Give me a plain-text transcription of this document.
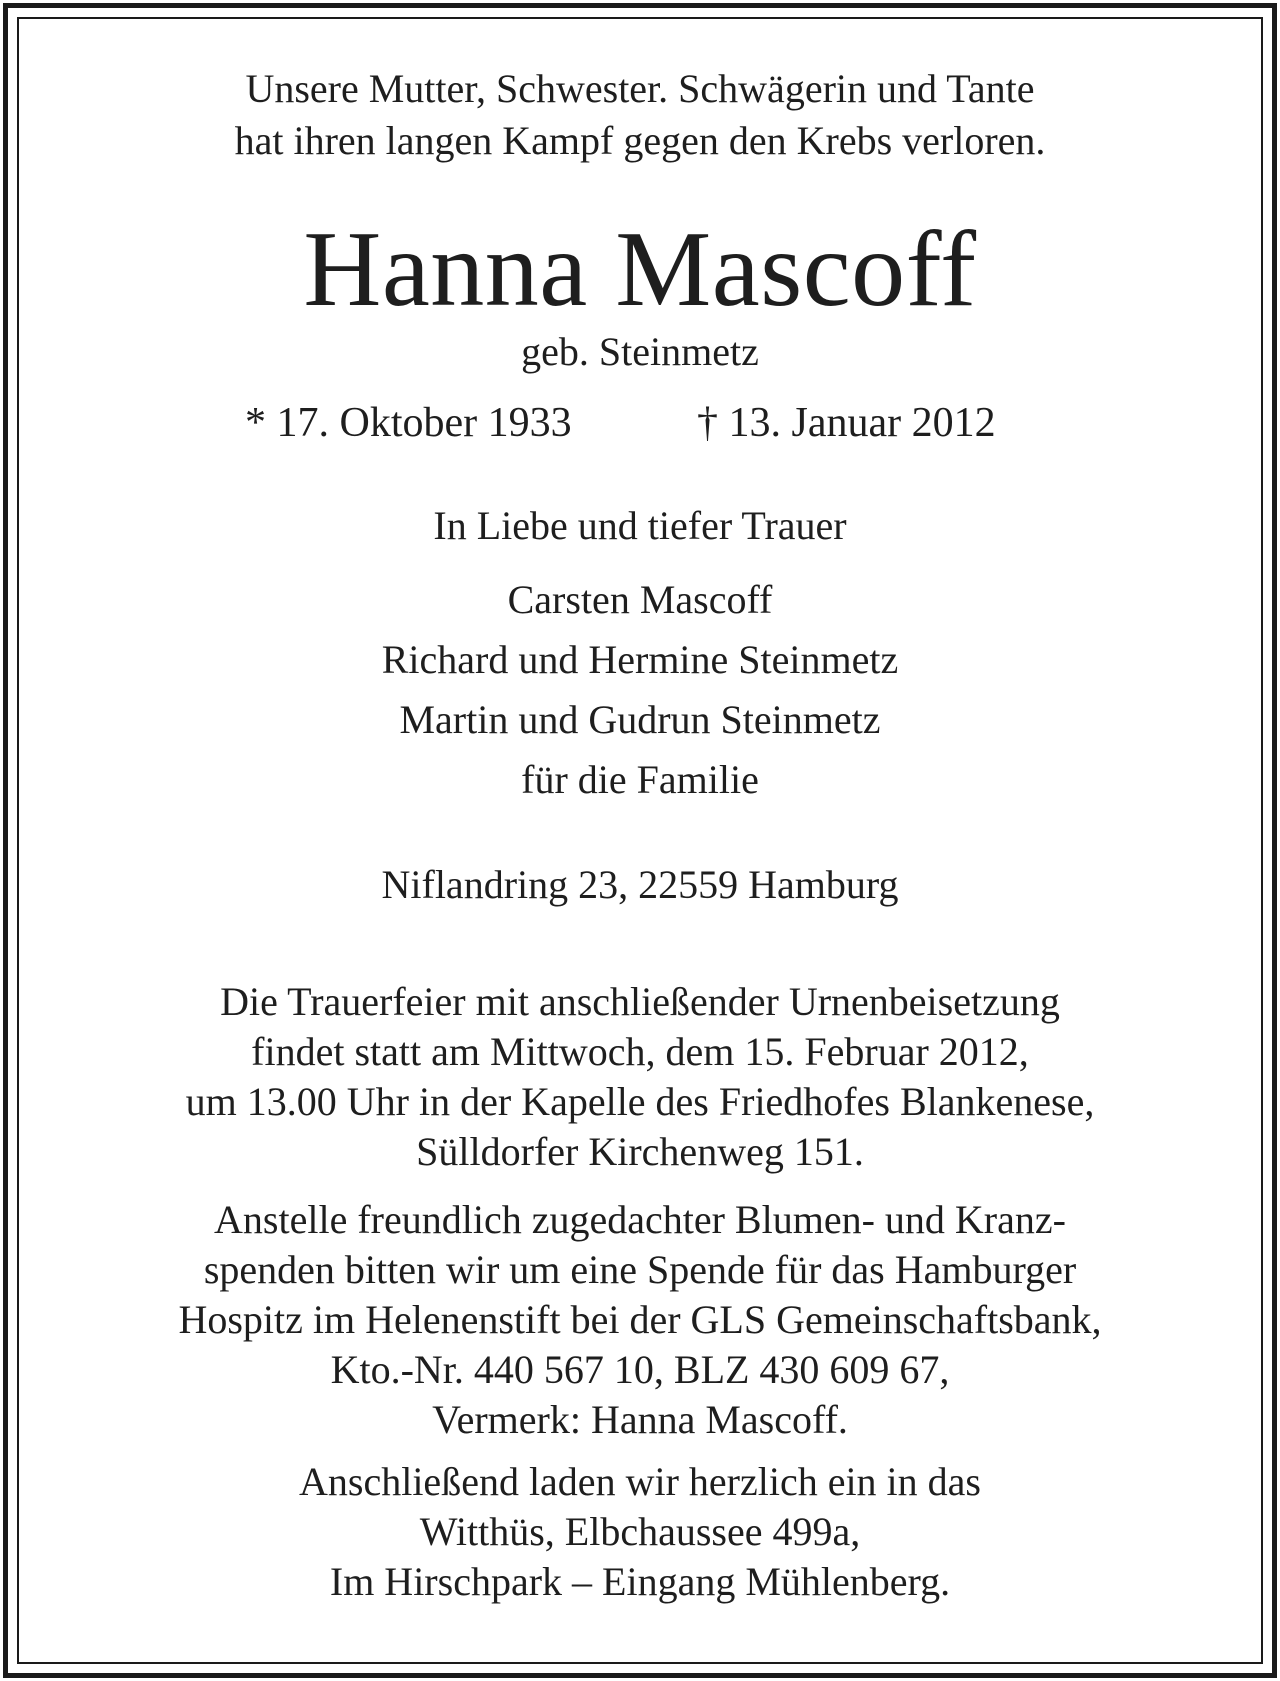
Unsere Mutter, Schwester. Schwägerin und Tante

hat ihren langen Kampf gegen den Krebs verloren.

Hanna Mascoff

geb. Steinmetz

* 17. Oktober 1933	† 13. Januar 2012

In Liebe und tiefer Trauer

Carsten Mascoff

Richard und Hermine Steinmetz

Martin und Gudrun Steinmetz

für die Familie

Niflandring 23, 22559 Hamburg

Die Trauerfeier mit anschließender Urnenbeisetzung

findet statt am Mittwoch, dem 15. Februar 2012,

um 13.00 Uhr in der Kapelle des Friedhofes Blankenese,

Sülldorfer Kirchenweg 151.

Anstelle freundlich zugedachter Blumen- und Kranz-

spenden bitten wir um eine Spende für das Hamburger

Hospitz im Helenenstift bei der GLS Gemeinschaftsbank,

Kto.-Nr. 440 567 10, BLZ 430 609 67,

Vermerk: Hanna Mascoff.

Anschließend laden wir herzlich ein in das

Witthüs, Elbchaussee 499a,

Im Hirschpark – Eingang Mühlenberg.
